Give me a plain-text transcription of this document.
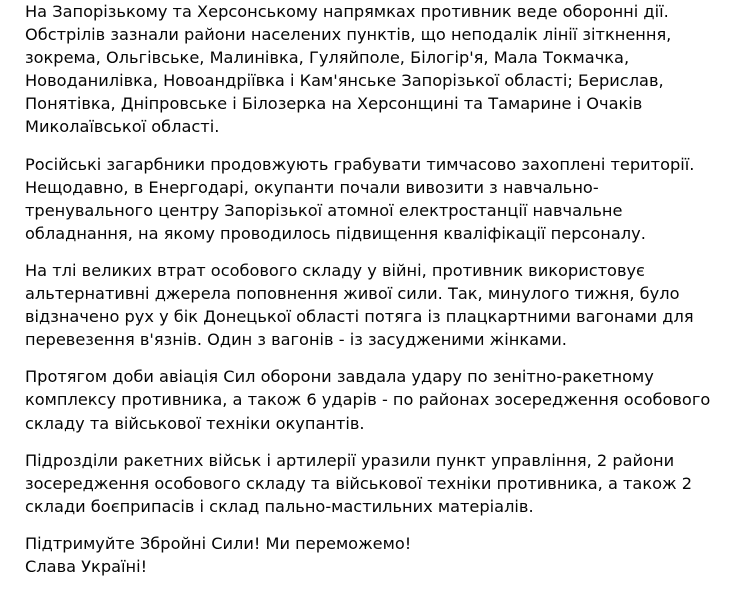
На Запорізькому та Херсонському напрямках противник веде оборонні дії.
Обстрілів зазнали райони населених пунктів, що неподалік лінії зіткнення,
зокрема, Ольгівське, Малинівка, Гуляйполе, Білогір'я, Мала Токмачка,
Новоданилівка, Новоандріївка і Кам'янське Запорізької області; Берислав,
Понятівка, Дніпровське і Білозерка на Херсонщині та Тамарине і Очаків
Миколаївської області.
Російські загарбники продовжують грабувати тимчасово захоплені території.
Нещодавно, в Енергодарі, окупанти почали вивозити з навчально-
тренувального центру Запорізької атомної електростанції навчальне
обладнання, на якому проводилось підвищення кваліфікації персоналу.
На тлі великих втрат особового складу у війні, противник використовує
альтернативні джерела поповнення живої сили. Так, минулого тижня, було
відзначено рух у бік Донецької області потяга із плацкартними вагонами для
перевезення в'язнів. Один з вагонів - із засудженими жінками.
Протягом доби авіація Сил оборони завдала удару по зенітно-ракетному
комплексу противника, а також 6 ударів - по районах зосередження особового
складу та військової техніки окупантів.
Підрозділи ракетних військ і артилерії уразили пункт управління, 2 райони
зосередження особового складу та військової техніки противника, а також 2
склади боєприпасів і склад пально-мастильних матеріалів.
Підтримуйте Збройні Сили! Ми переможемо!
Слава Україні!
